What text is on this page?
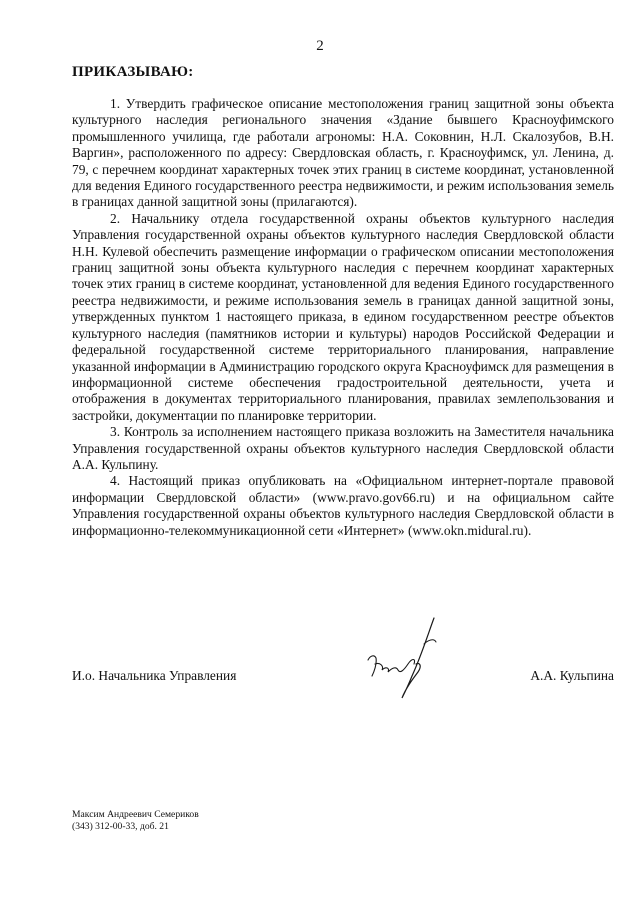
2
ПРИКАЗЫВАЮ:

1. Утвердить графическое описание местоположения границ защитной зоны объекта культурного наследия регионального значения «Здание бывшего Красноуфимского промышленного училища, где работали агрономы: Н.А. Соковнин, Н.Л. Скалозубов, В.Н. Варгин», расположенного по адресу: Свердловская область, г. Красноуфимск, ул. Ленина, д. 79, с перечнем координат характерных точек этих границ в системе координат, установленной для ведения Единого государственного реестра недвижимости, и режим использования земель в границах данной защитной зоны (прилагаются).

2. Начальнику отдела государственной охраны объектов культурного наследия Управления государственной охраны объектов культурного наследия Свердловской области Н.Н. Кулевой обеспечить размещение информации о графическом описании местоположения границ защитной зоны объекта культурного наследия с перечнем координат характерных точек этих границ в системе координат, установленной для ведения Единого государственного реестра недвижимости, и режиме использования земель в границах данной защитной зоны, утвержденных пунктом 1 настоящего приказа, в едином государственном реестре объектов культурного наследия (памятников истории и культуры) народов Российской Федерации и федеральной государственной системе территориального планирования, направление указанной информации в Администрацию городского округа Красноуфимск для размещения в информационной системе обеспечения градостроительной деятельности, учета и отображения в документах территориального планирования, правилах землепользования и застройки, документации по планировке территории.

3. Контроль за исполнением настоящего приказа возложить на Заместителя начальника Управления государственной охраны объектов культурного наследия Свердловской области А.А. Кульпину.

4. Настоящий приказ опубликовать на «Официальном интернет-портале правовой информации Свердловской области» (www.pravo.gov66.ru) и на официальном сайте Управления государственной охраны объектов культурного наследия Свердловской области в информационно-телекоммуникационной сети «Интернет» (www.okn.midural.ru).

И.о. Начальника Управления	А.А. Кульпина
Максим Андреевич Семериков
(343) 312-00-33, доб. 21
